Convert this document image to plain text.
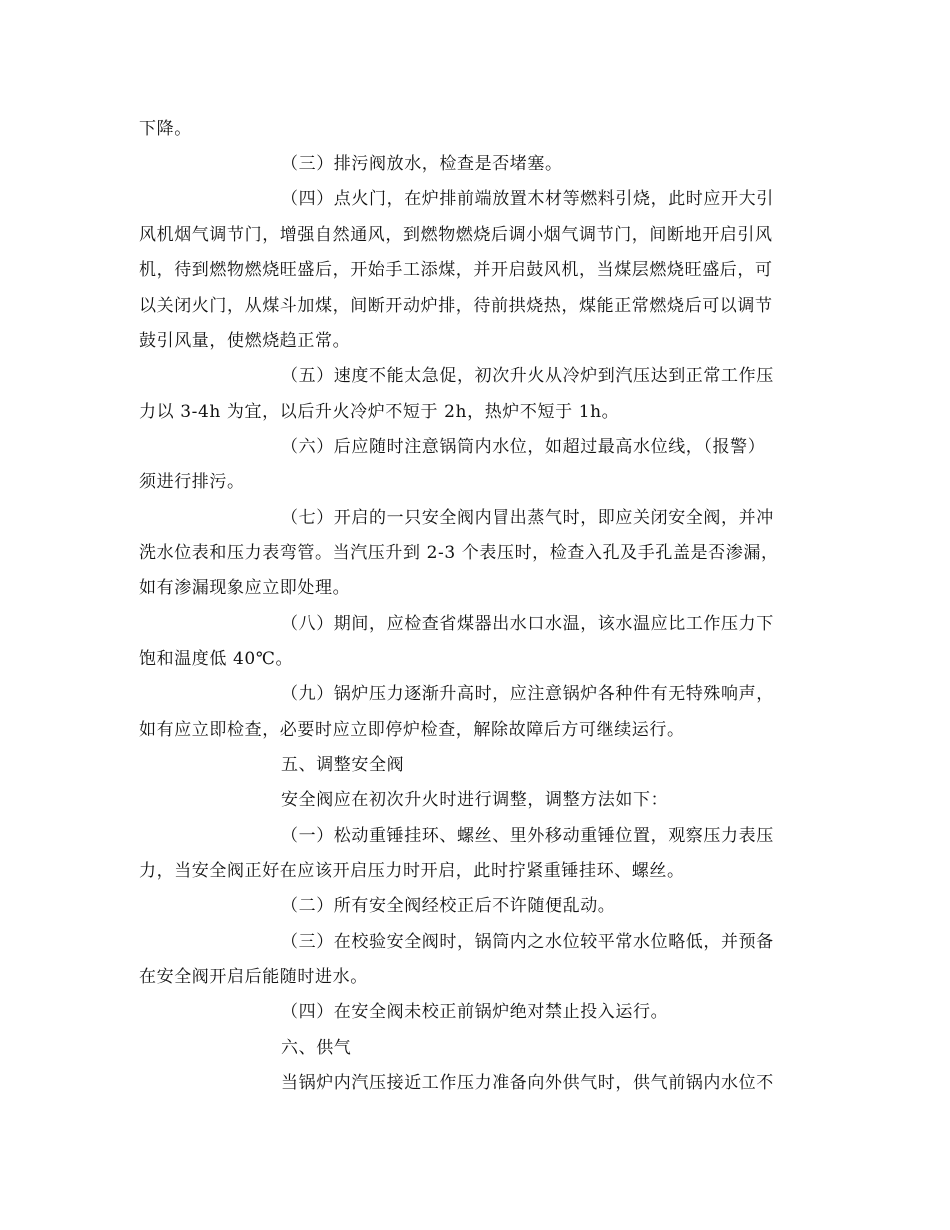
下降。
（三）排污阀放水，检查是否堵塞。
（四）点火门，在炉排前端放置木材等燃料引烧，此时应开大引
风机烟气调节门，增强自然通风，到燃物燃烧后调小烟气调节门，间断地开启引风
机，待到燃物燃烧旺盛后，开始手工添煤，并开启鼓风机，当煤层燃烧旺盛后，可
以关闭火门，从煤斗加煤，间断开动炉排，待前拱烧热，煤能正常燃烧后可以调节
鼓引风量，使燃烧趋正常。
（五）速度不能太急促，初次升火从冷炉到汽压达到正常工作压
力以 3-4h 为宜，以后升火冷炉不短于 2h，热炉不短于 1h。
（六）后应随时注意锅筒内水位，如超过最高水位线，（报警）
须进行排污。
（七）开启的一只安全阀内冒出蒸气时，即应关闭安全阀，并冲
洗水位表和压力表弯管。当汽压升到 2-3 个表压时，检查入孔及手孔盖是否渗漏，
如有渗漏现象应立即处理。
（八）期间，应检查省煤器出水口水温，该水温应比工作压力下
饱和温度低 40℃。
（九）锅炉压力逐渐升高时，应注意锅炉各种件有无特殊响声，
如有应立即检查，必要时应立即停炉检查，解除故障后方可继续运行。
五、调整安全阀
安全阀应在初次升火时进行调整，调整方法如下：
（一）松动重锤挂环、螺丝、里外移动重锤位置，观察压力表压
力，当安全阀正好在应该开启压力时开启，此时拧紧重锤挂环、螺丝。
（二）所有安全阀经校正后不许随便乱动。
（三）在校验安全阀时，锅筒内之水位较平常水位略低，并预备
在安全阀开启后能随时进水。
（四）在安全阀未校正前锅炉绝对禁止投入运行。
六、供气
当锅炉内汽压接近工作压力准备向外供气时，供气前锅内水位不
